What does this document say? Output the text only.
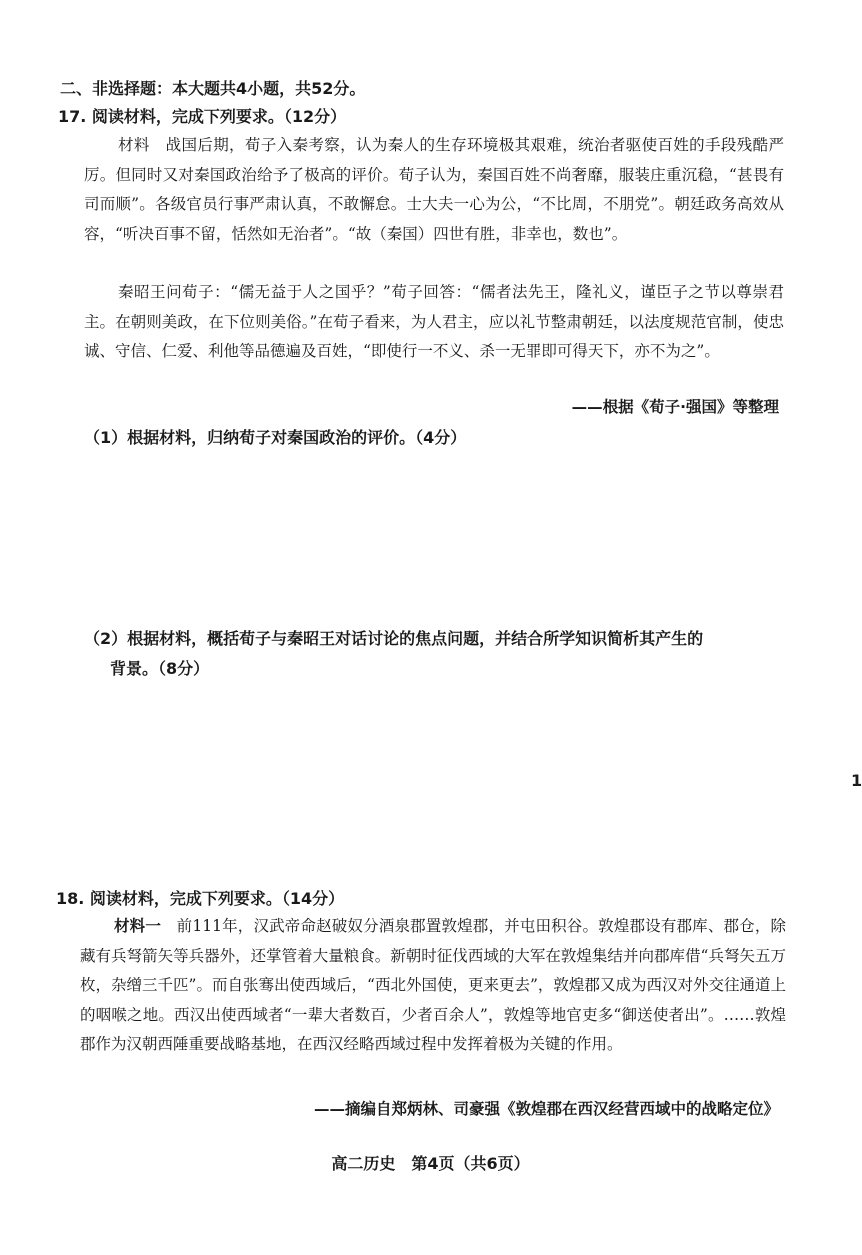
二、非选择题：本大题共4小题，共52分。
17. 阅读材料，完成下列要求。（12分）
材料　战国后期，荀子入秦考察，认为秦人的生存环境极其艰难，统治者驱使百姓的手段残酷严厉。但同时又对秦国政治给予了极高的评价。荀子认为，秦国百姓不尚奢靡，服装庄重沉稳，“甚畏有司而顺”。各级官员行事严肃认真，不敢懈怠。士大夫一心为公，“不比周，不朋党”。朝廷政务高效从容，“听决百事不留，恬然如无治者”。“故（秦国）四世有胜，非幸也，数也”。
秦昭王问荀子：“儒无益于人之国乎？”荀子回答：“儒者法先王，隆礼义，谨臣子之节以尊崇君主。在朝则美政，在下位则美俗。”在荀子看来，为人君主，应以礼节整肃朝廷，以法度规范官制，使忠诚、守信、仁爱、利他等品德遍及百姓，“即使行一不义、杀一无罪即可得天下，亦不为之”。
——根据《荀子·强国》等整理
（1）根据材料，归纳荀子对秦国政治的评价。（4分）
（2）根据材料，概括荀子与秦昭王对话讨论的焦点问题，并结合所学知识简析其产生的
背景。（8分）
1
18. 阅读材料，完成下列要求。（14分）
材料一　前111年，汉武帝命赵破奴分酒泉郡置敦煌郡，并屯田积谷。敦煌郡设有郡库、郡仓，除藏有兵弩箭矢等兵器外，还掌管着大量粮食。新朝时征伐西域的大军在敦煌集结并向郡库借“兵弩矢五万枚，杂缯三千匹”。而自张骞出使西域后，“西北外国使，更来更去”，敦煌郡又成为西汉对外交往通道上的咽喉之地。西汉出使西域者“一辈大者数百，少者百余人”，敦煌等地官吏多“御送使者出”。……敦煌郡作为汉朝西陲重要战略基地，在西汉经略西域过程中发挥着极为关键的作用。
——摘编自郑炳林、司豪强《敦煌郡在西汉经营西域中的战略定位》
高二历史　第4页（共6页）
